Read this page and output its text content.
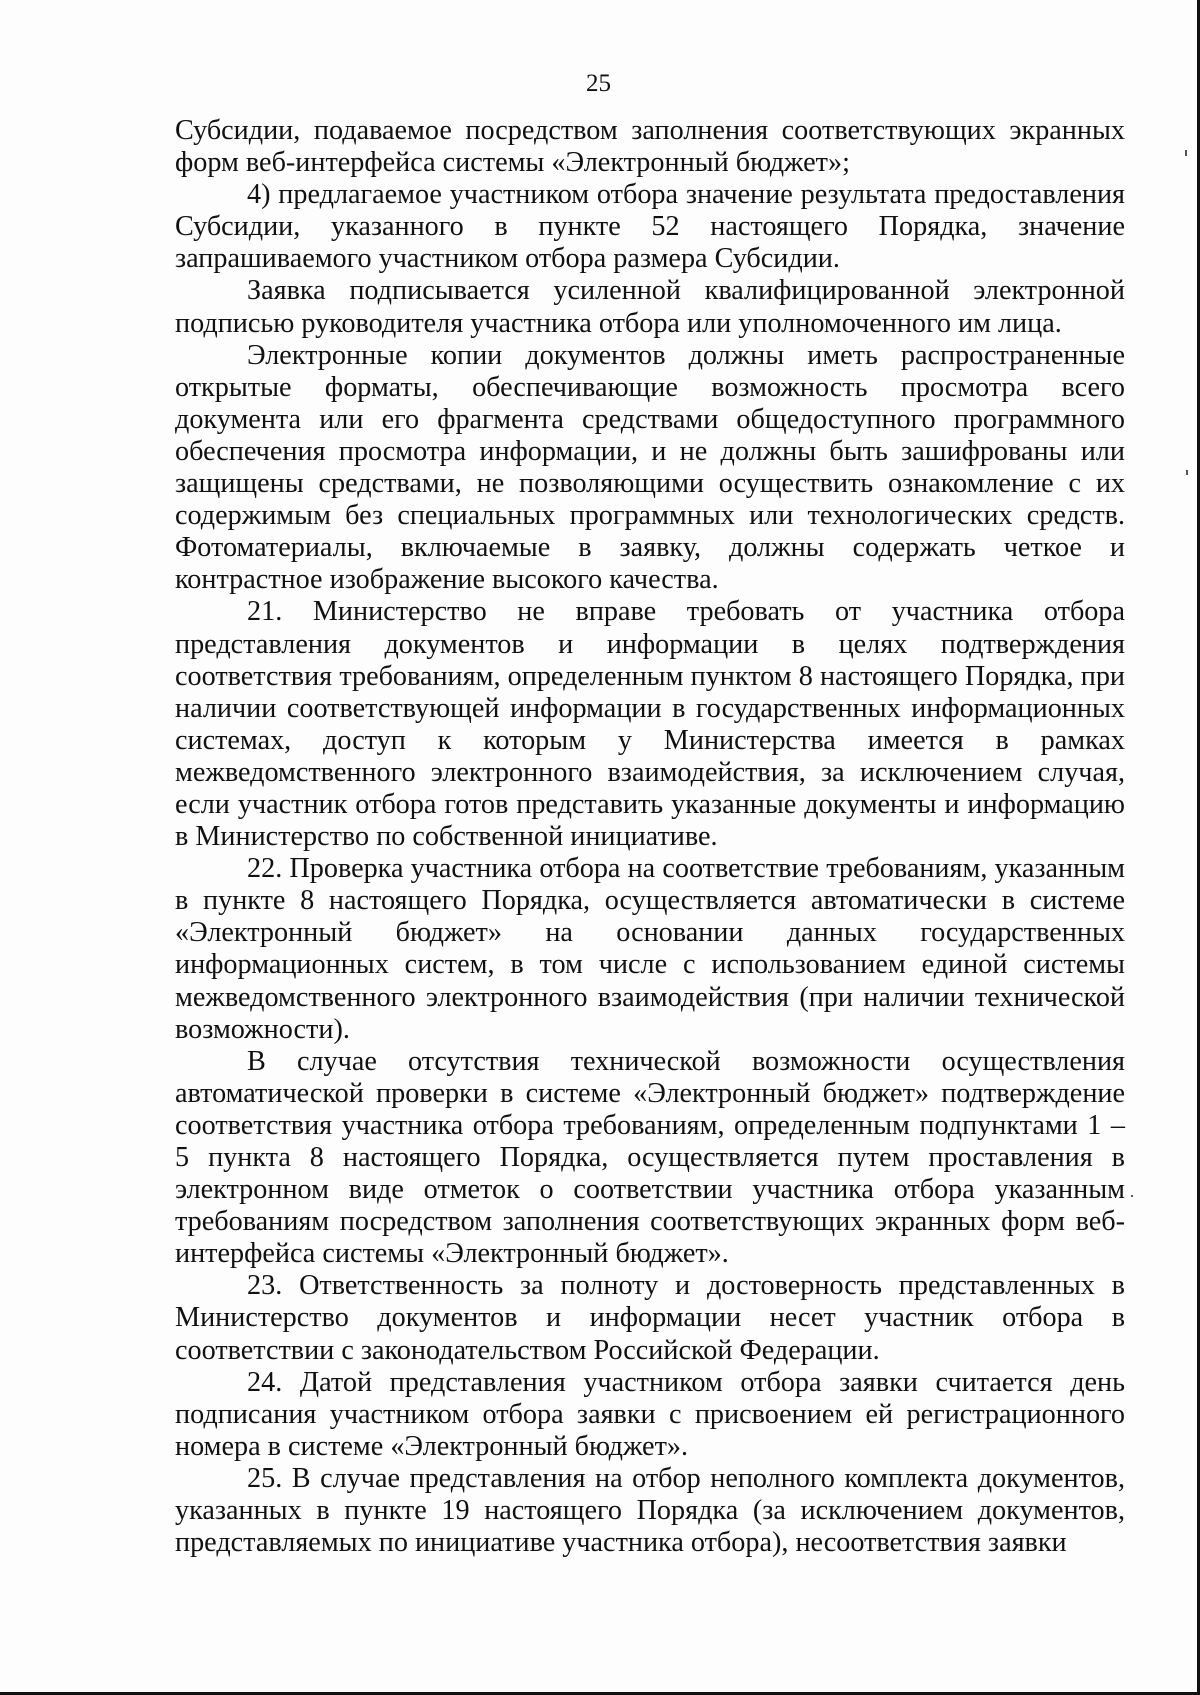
25

Субсидии, подаваемое посредством заполнения соответствующих экранных форм веб-интерфейса системы «Электронный бюджет»;

4) предлагаемое участником отбора значение результата предоставления Субсидии, указанного в пункте 52 настоящего Порядка, значение запрашиваемого участником отбора размера Субсидии.

Заявка подписывается усиленной квалифицированной электронной подписью руководителя участника отбора или уполномоченного им лица.

Электронные копии документов должны иметь распространенные открытые форматы, обеспечивающие возможность просмотра всего документа или его фрагмента средствами общедоступного программного обеспечения просмотра информации, и не должны быть зашифрованы или защищены средствами, не позволяющими осуществить ознакомление с их содержимым без специальных программных или технологических средств. Фотоматериалы, включаемые в заявку, должны содержать четкое и контрастное изображение высокого качества.

21. Министерство не вправе требовать от участника отбора представления документов и информации в целях подтверждения соответствия требованиям, определенным пунктом 8 настоящего Порядка, при наличии соответствующей информации в государственных информационных системах, доступ к которым у Министерства имеется в рамках межведомственного электронного взаимодействия, за исключением случая, если участник отбора готов представить указанные документы и информацию в Министерство по собственной инициативе.

22. Проверка участника отбора на соответствие требованиям, указанным в пункте 8 настоящего Порядка, осуществляется автоматически в системе «Электронный бюджет» на основании данных государственных информационных систем, в том числе с использованием единой системы межведомственного электронного взаимодействия (при наличии технической возможности).

В случае отсутствия технической возможности осуществления автоматической проверки в системе «Электронный бюджет» подтверждение соответствия участника отбора требованиям, определенным подпунктами 1 – 5 пункта 8 настоящего Порядка, осуществляется путем проставления в электронном виде отметок о соответствии участника отбора указанным требованиям посредством заполнения соответствующих экранных форм веб-интерфейса системы «Электронный бюджет».

23. Ответственность за полноту и достоверность представленных в Министерство документов и информации несет участник отбора в соответствии с законодательством Российской Федерации.

24. Датой представления участником отбора заявки считается день подписания участником отбора заявки с присвоением ей регистрационного номера в системе «Электронный бюджет».

25. В случае представления на отбор неполного комплекта документов, указанных в пункте 19 настоящего Порядка (за исключением документов, представляемых по инициативе участника отбора), несоответствия заявки
